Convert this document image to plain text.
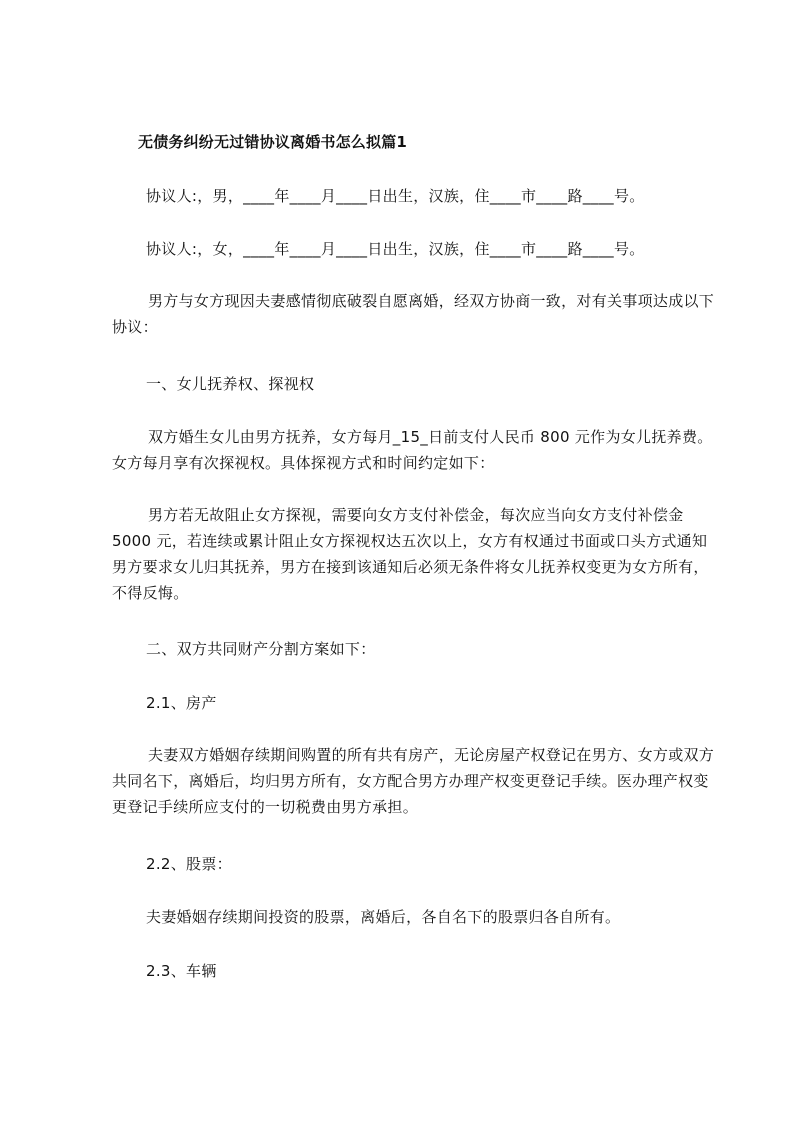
无债务纠纷无过错协议离婚书怎么拟篇1
协议人:，男，____年____月____日出生，汉族，住____市____路____号。
协议人:，女，____年____月____日出生，汉族，住____市____路____号。
男方与女方现因夫妻感情彻底破裂自愿离婚，经双方协商一致，对有关事项达成以下协议：
一、女儿抚养权、探视权
双方婚生女儿由男方抚养，女方每月_15_日前支付人民币 800 元作为女儿抚养费。女方每月享有次探视权。具体探视方式和时间约定如下：
男方若无故阻止女方探视，需要向女方支付补偿金，每次应当向女方支付补偿金 5000 元，若连续或累计阻止女方探视权达五次以上，女方有权通过书面或口头方式通知男方要求女儿归其抚养，男方在接到该通知后必须无条件将女儿抚养权变更为女方所有，不得反悔。
二、双方共同财产分割方案如下：
2.1、房产
夫妻双方婚姻存续期间购置的所有共有房产，无论房屋产权登记在男方、女方或双方共同名下，离婚后，均归男方所有，女方配合男方办理产权变更登记手续。医办理产权变更登记手续所应支付的一切税费由男方承担。
2.2、股票：
夫妻婚姻存续期间投资的股票，离婚后，各自名下的股票归各自所有。
2.3、车辆
